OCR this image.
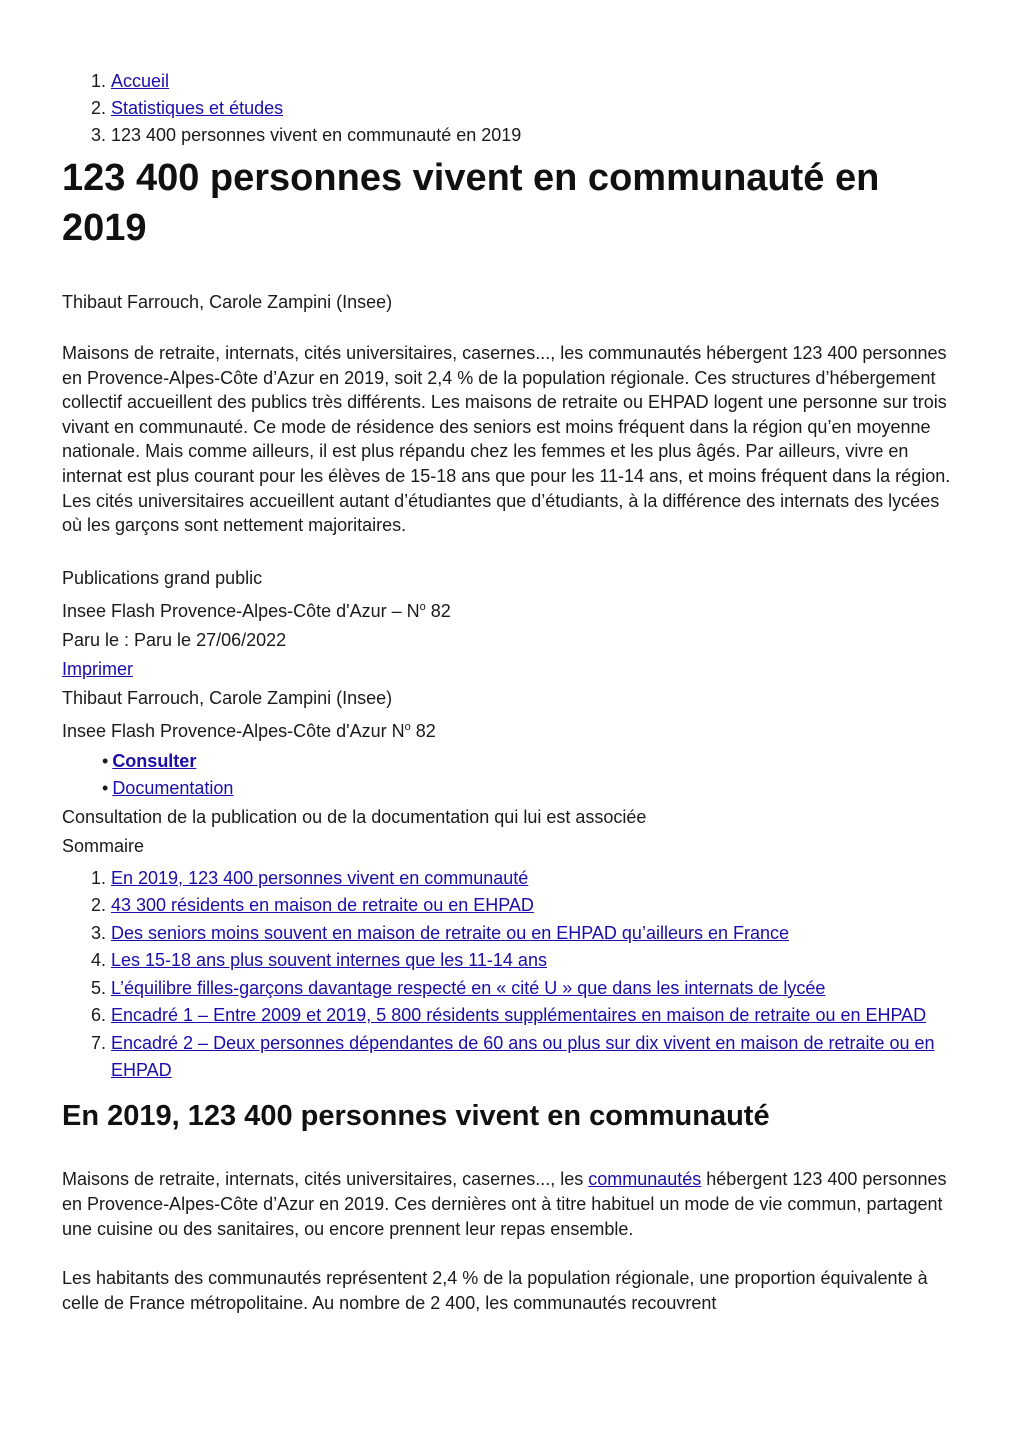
1. Accueil
2. Statistiques et études
3. 123 400 personnes vivent en communauté en 2019
123 400 personnes vivent en communauté en 2019
Thibaut Farrouch, Carole Zampini (Insee)
Maisons de retraite, internats, cités universitaires, casernes..., les communautés hébergent 123 400 personnes en Provence-Alpes-Côte d’Azur en 2019, soit 2,4 % de la population régionale. Ces structures d’hébergement collectif accueillent des publics très différents. Les maisons de retraite ou EHPAD logent une personne sur trois vivant en communauté. Ce mode de résidence des seniors est moins fréquent dans la région qu’en moyenne nationale. Mais comme ailleurs, il est plus répandu chez les femmes et les plus âgés. Par ailleurs, vivre en internat est plus courant pour les élèves de 15-18 ans que pour les 11-14 ans, et moins fréquent dans la région. Les cités universitaires accueillent autant d’étudiantes que d’étudiants, à la différence des internats des lycées où les garçons sont nettement majoritaires.
Publications grand public
Insee Flash Provence-Alpes-Côte d'Azur – $N^o$ 82
Paru le : Paru le 27/06/2022
Imprimer
Thibaut Farrouch, Carole Zampini (Insee)
Insee Flash Provence-Alpes-Côte d'Azur $N^o$ 82
• Consulter
• Documentation
Consultation de la publication ou de la documentation qui lui est associée
Sommaire
1. En 2019, 123 400 personnes vivent en communauté
2. 43 300 résidents en maison de retraite ou en EHPAD
3. Des seniors moins souvent en maison de retraite ou en EHPAD qu’ailleurs en France
4. Les 15-18 ans plus souvent internes que les 11-14 ans
5. L’équilibre filles-garçons davantage respecté en « cité U » que dans les internats de lycée
6. Encadré 1 – Entre 2009 et 2019, 5 800 résidents supplémentaires en maison de retraite ou en EHPAD
7. Encadré 2 – Deux personnes dépendantes de 60 ans ou plus sur dix vivent en maison de retraite ou en EHPAD
En 2019, 123 400 personnes vivent en communauté

Maisons de retraite, internats, cités universitaires, casernes..., les communautés hébergent 123 400 personnes en Provence-Alpes-Côte d’Azur en 2019. Ces dernières ont à titre habituel un mode de vie commun, partagent une cuisine ou des sanitaires, ou encore prennent leur repas ensemble.

Les habitants des communautés représentent 2,4 % de la population régionale, une proportion équivalente à celle de France métropolitaine. Au nombre de 2 400, les communautés recouvrent
